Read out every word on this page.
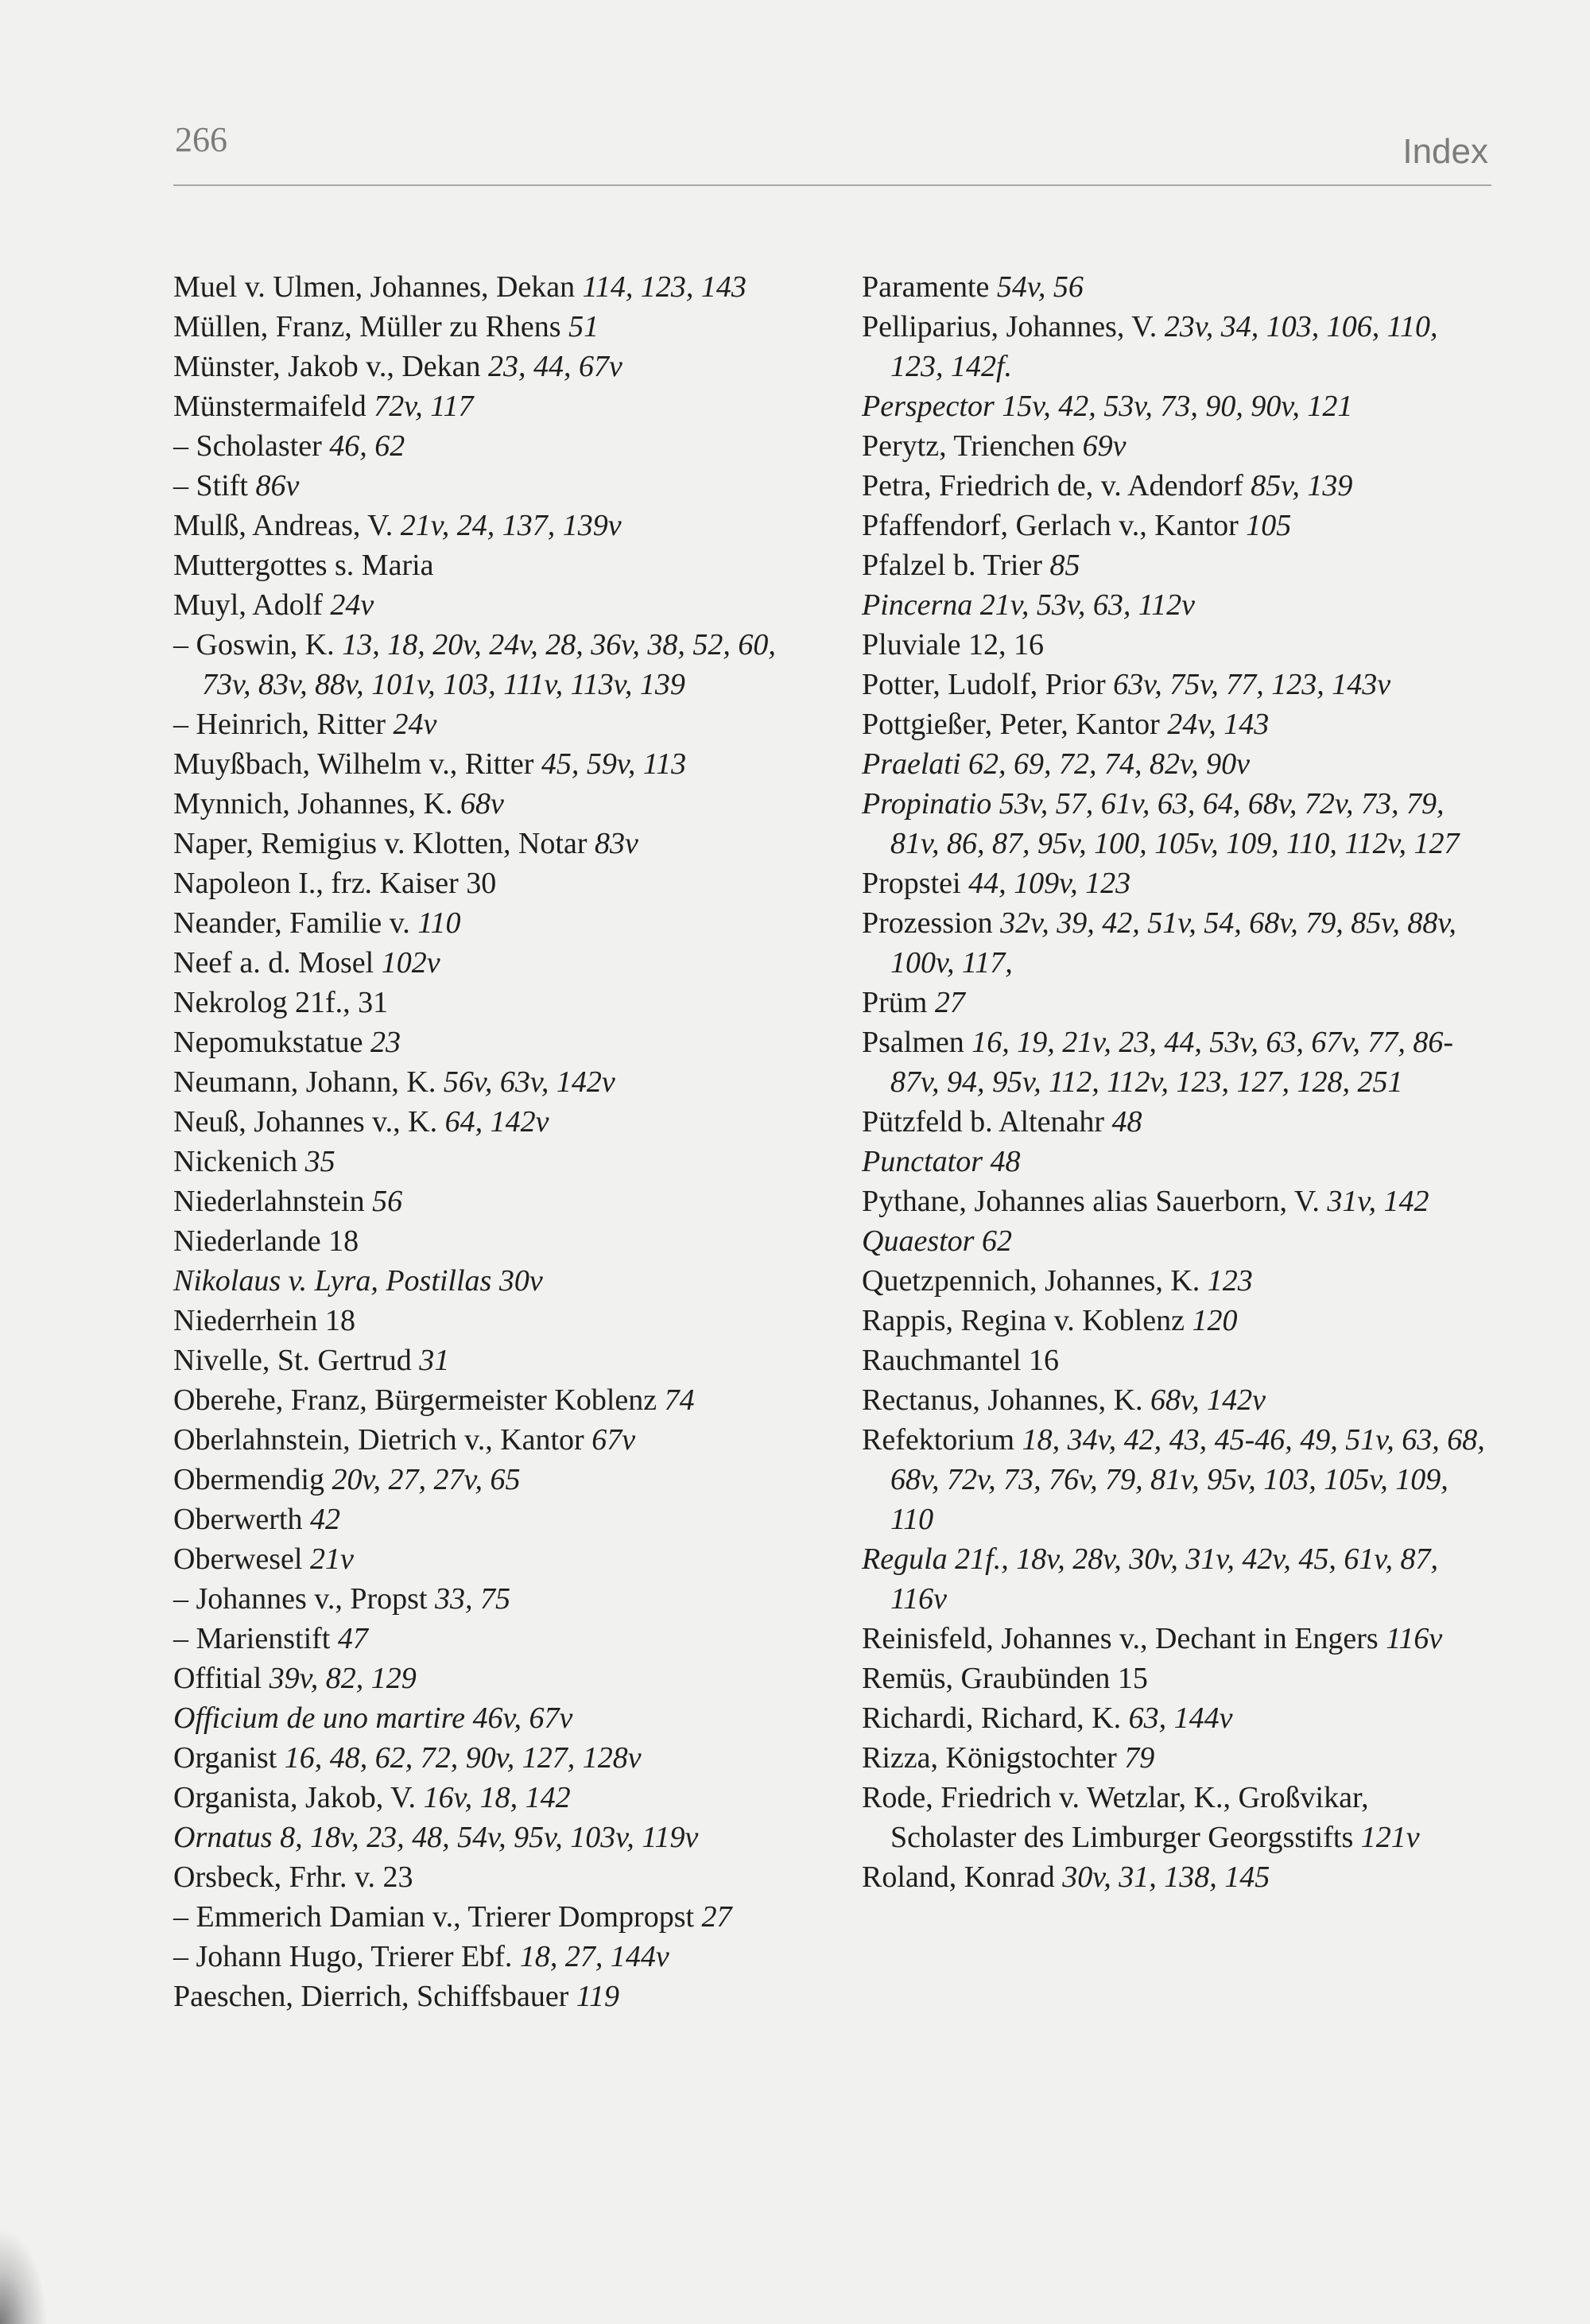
266	Index
Muel v. Ulmen, Johannes, Dekan 114, 123, 143
Müllen, Franz, Müller zu Rhens 51
Münster, Jakob v., Dekan 23, 44, 67v
Münstermaifeld 72v, 117
– Scholaster 46, 62
– Stift 86v
Mulß, Andreas, V. 21v, 24, 137, 139v
Muttergottes s. Maria
Muyl, Adolf 24v
– Goswin, K. 13, 18, 20v, 24v, 28, 36v, 38, 52, 60, 73v, 83v, 88v, 101v, 103, 111v, 113v, 139
– Heinrich, Ritter 24v
Muyßbach, Wilhelm v., Ritter 45, 59v, 113
Mynnich, Johannes, K. 68v
Naper, Remigius v. Klotten, Notar 83v
Napoleon I., frz. Kaiser 30
Neander, Familie v. 110
Neef a. d. Mosel 102v
Nekrolog 21f., 31
Nepomukstatue 23
Neumann, Johann, K. 56v, 63v, 142v
Neuß, Johannes v., K. 64, 142v
Nickenich 35
Niederlahnstein 56
Niederlande 18
Nikolaus v. Lyra, Postillas 30v
Niederrhein 18
Nivelle, St. Gertrud 31
Oberehe, Franz, Bürgermeister Koblenz 74
Oberlahnstein, Dietrich v., Kantor 67v
Obermendig 20v, 27, 27v, 65
Oberwerth 42
Oberwesel 21v
– Johannes v., Propst 33, 75
– Marienstift 47
Offitial 39v, 82, 129
Officium de uno martire 46v, 67v
Organist 16, 48, 62, 72, 90v, 127, 128v
Organista, Jakob, V. 16v, 18, 142
Ornatus 8, 18v, 23, 48, 54v, 95v, 103v, 119v
Orsbeck, Frhr. v. 23
– Emmerich Damian v., Trierer Dompropst 27
– Johann Hugo, Trierer Ebf. 18, 27, 144v
Paeschen, Dierrich, Schiffsbauer 119
Paramente 54v, 56
Pelliparius, Johannes, V. 23v, 34, 103, 106, 110, 123, 142f.
Perspector 15v, 42, 53v, 73, 90, 90v, 121
Perytz, Trienchen 69v
Petra, Friedrich de, v. Adendorf 85v, 139
Pfaffendorf, Gerlach v., Kantor 105
Pfalzel b. Trier 85
Pincerna 21v, 53v, 63, 112v
Pluviale 12, 16
Potter, Ludolf, Prior 63v, 75v, 77, 123, 143v
Pottgießer, Peter, Kantor 24v, 143
Praelati 62, 69, 72, 74, 82v, 90v
Propinatio 53v, 57, 61v, 63, 64, 68v, 72v, 73, 79, 81v, 86, 87, 95v, 100, 105v, 109, 110, 112v, 127
Propstei 44, 109v, 123
Prozession 32v, 39, 42, 51v, 54, 68v, 79, 85v, 88v, 100v, 117,
Prüm 27
Psalmen 16, 19, 21v, 23, 44, 53v, 63, 67v, 77, 86-87v, 94, 95v, 112, 112v, 123, 127, 128, 251
Pützfeld b. Altenahr 48
Punctator 48
Pythane, Johannes alias Sauerborn, V. 31v, 142
Quaestor 62
Quetzpennich, Johannes, K. 123
Rappis, Regina v. Koblenz 120
Rauchmantel 16
Rectanus, Johannes, K. 68v, 142v
Refektorium 18, 34v, 42, 43, 45-46, 49, 51v, 63, 68, 68v, 72v, 73, 76v, 79, 81v, 95v, 103, 105v, 109, 110
Regula 21f., 18v, 28v, 30v, 31v, 42v, 45, 61v, 87, 116v
Reinisfeld, Johannes v., Dechant in Engers 116v
Remüs, Graubünden 15
Richardi, Richard, K. 63, 144v
Rizza, Königstochter 79
Rode, Friedrich v. Wetzlar, K., Großvikar, Scholaster des Limburger Georgsstifts 121v
Roland, Konrad 30v, 31, 138, 145
